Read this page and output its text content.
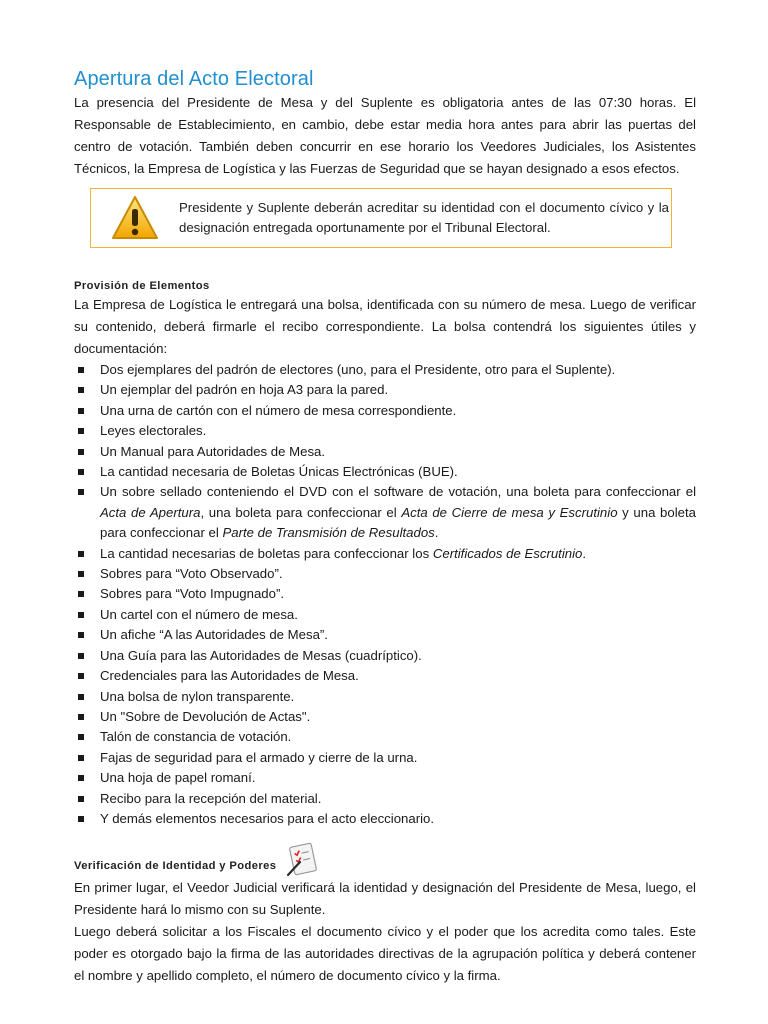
Apertura del Acto Electoral

La presencia del Presidente de Mesa y del Suplente es obligatoria antes de las 07:30 horas. El Responsable de Establecimiento, en cambio, debe estar media hora antes para abrir las puertas del centro de votación. También deben concurrir en ese horario los Veedores Judiciales, los Asistentes Técnicos, la Empresa de Logística y las Fuerzas de Seguridad que se hayan designado a esos efectos.

Presidente y Suplente deberán acreditar su identidad con el documento cívico y la designación entregada oportunamente por el Tribunal Electoral.
Provisión de Elementos

La Empresa de Logística le entregará una bolsa, identificada con su número de mesa. Luego de verificar su contenido, deberá firmarle el recibo correspondiente. La bolsa contendrá los siguientes útiles y documentación:

Dos ejemplares del padrón de electores (uno, para el Presidente, otro para el Suplente).
Un ejemplar del padrón en hoja A3 para la pared.
Una urna de cartón con el número de mesa correspondiente.
Leyes electorales.
Un Manual para Autoridades de Mesa.
La cantidad necesaria de Boletas Únicas Electrónicas (BUE).
Un sobre sellado conteniendo el DVD con el software de votación, una boleta para confeccionar el Acta de Apertura, una boleta para confeccionar el Acta de Cierre de mesa y Escrutinio y una boleta para confeccionar el Parte de Transmisión de Resultados.
La cantidad necesarias de boletas para confeccionar los Certificados de Escrutinio.
Sobres para “Voto Observado”.
Sobres para “Voto Impugnado”.
Un cartel con el número de mesa.
Un afiche “A las Autoridades de Mesa”.
Una Guía para las Autoridades de Mesas (cuadríptico).
Credenciales para las Autoridades de Mesa.
Una bolsa de nylon transparente.
Un "Sobre de Devolución de Actas".
Talón de constancia de votación.
Fajas de seguridad para el armado y cierre de la urna.
Una hoja de papel romaní.
Recibo para la recepción del material.
Y demás elementos necesarios para el acto eleccionario.
Verificación de Identidad y Poderes

En primer lugar, el Veedor Judicial verificará la identidad y designación del Presidente de Mesa, luego, el Presidente hará lo mismo con su Suplente.

Luego deberá solicitar a los Fiscales el documento cívico y el poder que los acredita como tales. Este poder es otorgado bajo la firma de las autoridades directivas de la agrupación política y deberá contener el nombre y apellido completo, el número de documento cívico y la firma.
